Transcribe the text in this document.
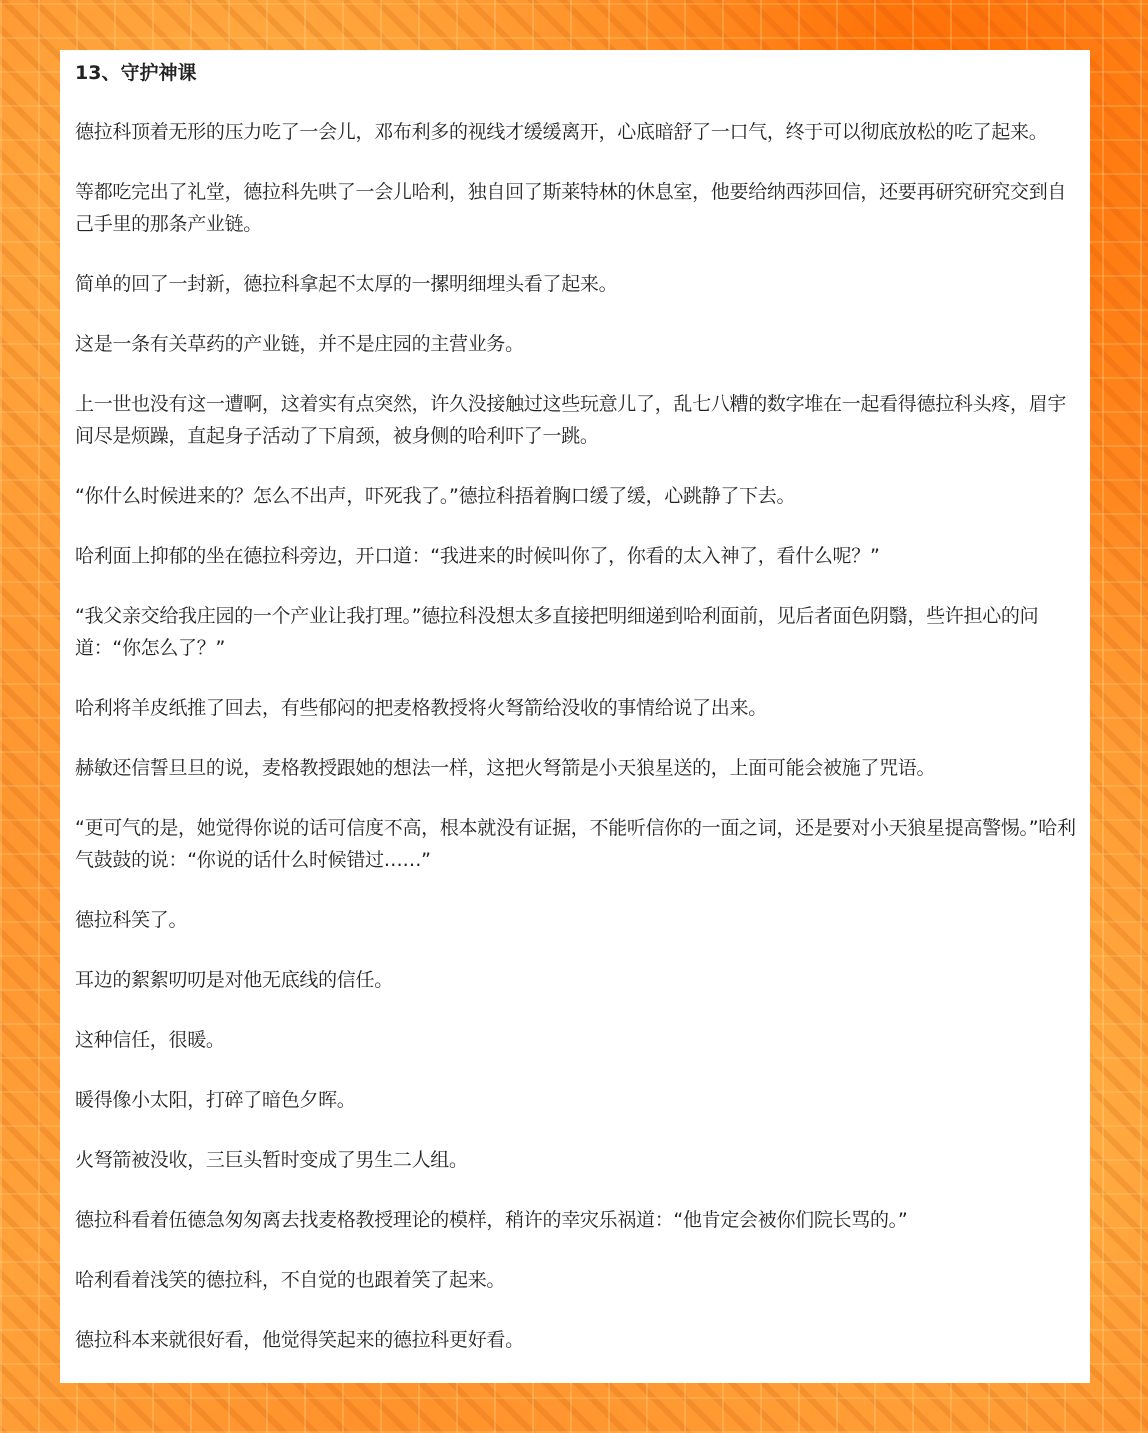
13、守护神课

德拉科顶着无形的压力吃了一会儿，邓布利多的视线才缓缓离开，心底暗舒了一口气，终于可以彻底放松的吃了起来。

等都吃完出了礼堂，德拉科先哄了一会儿哈利，独自回了斯莱特林的休息室，他要给纳西莎回信，还要再研究研究交到自己手里的那条产业链。

简单的回了一封新，德拉科拿起不太厚的一摞明细埋头看了起来。

这是一条有关草药的产业链，并不是庄园的主营业务。

上一世也没有这一遭啊，这着实有点突然，许久没接触过这些玩意儿了，乱七八糟的数字堆在一起看得德拉科头疼，眉宇间尽是烦躁，直起身子活动了下肩颈，被身侧的哈利吓了一跳。

“你什么时候进来的？怎么不出声，吓死我了。”德拉科捂着胸口缓了缓，心跳静了下去。

哈利面上抑郁的坐在德拉科旁边，开口道：“我进来的时候叫你了，你看的太入神了，看什么呢？”

“我父亲交给我庄园的一个产业让我打理。”德拉科没想太多直接把明细递到哈利面前，见后者面色阴翳，些许担心的问道：“你怎么了？”

哈利将羊皮纸推了回去，有些郁闷的把麦格教授将火弩箭给没收的事情给说了出来。

赫敏还信誓旦旦的说，麦格教授跟她的想法一样，这把火弩箭是小天狼星送的，上面可能会被施了咒语。

“更可气的是，她觉得你说的话可信度不高，根本就没有证据，不能听信你的一面之词，还是要对小天狼星提高警惕。”哈利气鼓鼓的说：“你说的话什么时候错过……”

德拉科笑了。

耳边的絮絮叨叨是对他无底线的信任。

这种信任，很暖。

暖得像小太阳，打碎了暗色夕晖。

火弩箭被没收，三巨头暂时变成了男生二人组。

德拉科看着伍德急匆匆离去找麦格教授理论的模样，稍许的幸灾乐祸道：“他肯定会被你们院长骂的。”

哈利看着浅笑的德拉科，不自觉的也跟着笑了起来。

德拉科本来就很好看，他觉得笑起来的德拉科更好看。
